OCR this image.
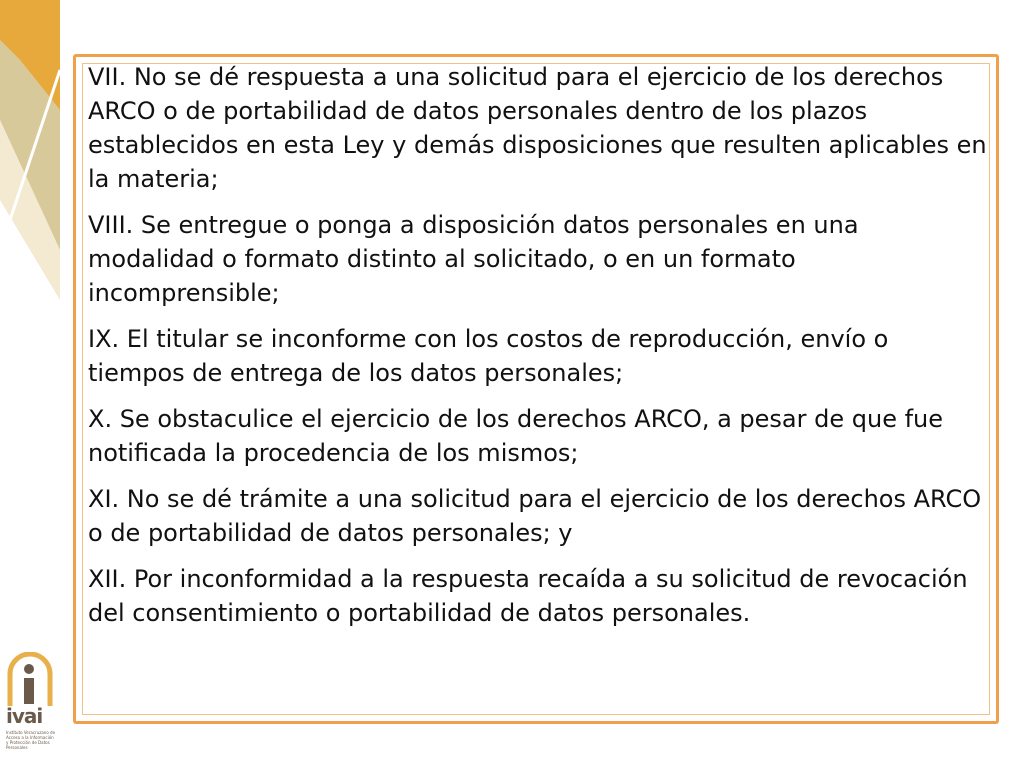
ivai
Instituto Veracruzano de Acceso a la Información y Protección de Datos Personales

VII. No se dé respuesta a una solicitud para el ejercicio de los derechos ARCO o de portabilidad de datos personales dentro de los plazos establecidos en esta Ley y demás disposiciones que resulten aplicables en la materia;

VIII. Se entregue o ponga a disposición datos personales en una modalidad o formato distinto al solicitado, o en un formato incomprensible;

IX. El titular se inconforme con los costos de reproducción, envío o tiempos de entrega de los datos personales;

X. Se obstaculice el ejercicio de los derechos ARCO, a pesar de que fue notificada la procedencia de los mismos;

XI. No se dé trámite a una solicitud para el ejercicio de los derechos ARCO o de portabilidad de datos personales; y

XII. Por inconformidad a la respuesta recaída a su solicitud de revocación del consentimiento o portabilidad de datos personales.
